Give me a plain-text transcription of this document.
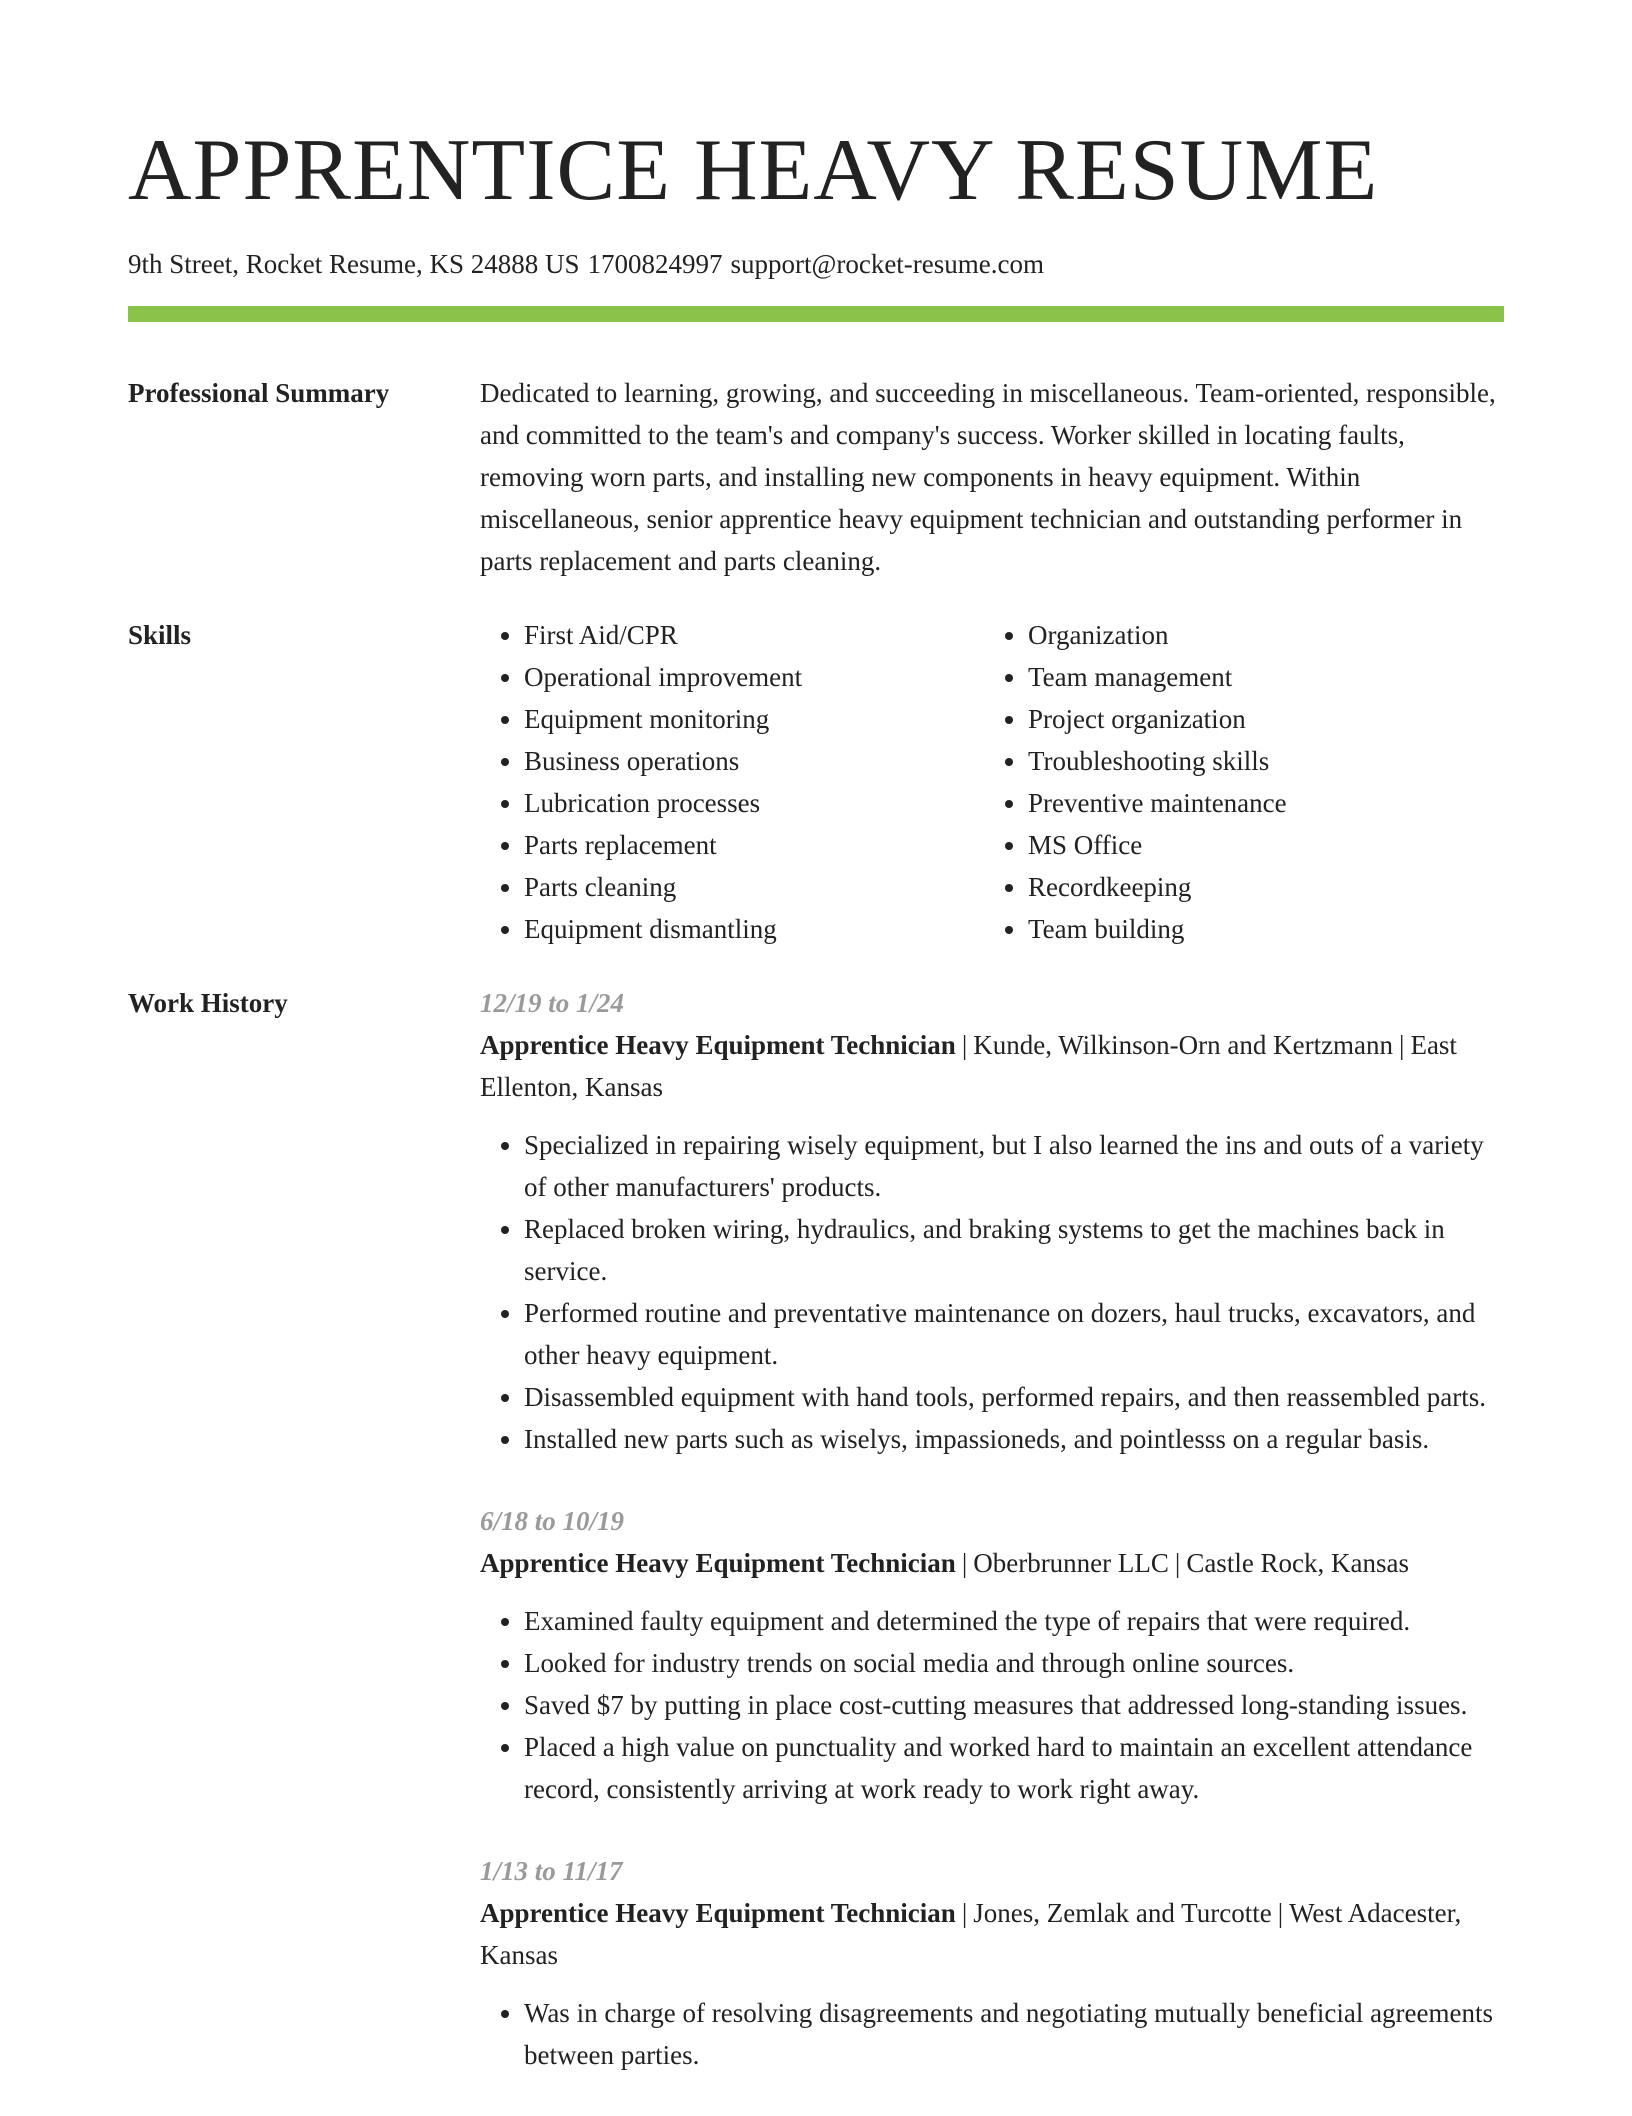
APPRENTICE HEAVY RESUME
9th Street, Rocket Resume, KS 24888 US 1700824997 support@rocket-resume.com
Professional Summary	Dedicated to learning, growing, and succeeding in miscellaneous. Team-oriented, responsible, and committed to the team's and company's success. Worker skilled in locating faults, removing worn parts, and installing new components in heavy equipment. Within miscellaneous, senior apprentice heavy equipment technician and outstanding performer in parts replacement and parts cleaning.

Skills
•	First Aid/CPR
• Operational improvement
• Equipment monitoring
• Business operations
• Lubrication processes
• Parts replacement
• Parts cleaning
• Equipment dismantling
• Organization
• Team management
• Project organization
• Troubleshooting skills
• Preventive maintenance
• MS Office
• Recordkeeping
• Team building
Work History	12/19 to 1/24
Apprentice Heavy Equipment Technician | Kunde, Wilkinson-Orn and Kertzmann | East Ellenton, Kansas
• Specialized in repairing wisely equipment, but I also learned the ins and outs of a variety of other manufacturers' products.
• Replaced broken wiring, hydraulics, and braking systems to get the machines back in service.
• Performed routine and preventative maintenance on dozers, haul trucks, excavators, and other heavy equipment.
• Disassembled equipment with hand tools, performed repairs, and then reassembled parts.
• Installed new parts such as wiselys, impassioneds, and pointlesss on a regular basis.
6/18 to 10/19
Apprentice Heavy Equipment Technician | Oberbrunner LLC | Castle Rock, Kansas
• Examined faulty equipment and determined the type of repairs that were required.
• Looked for industry trends on social media and through online sources.
• Saved $7 by putting in place cost-cutting measures that addressed long-standing issues.
• Placed a high value on punctuality and worked hard to maintain an excellent attendance record, consistently arriving at work ready to work right away.
1/13 to 11/17
Apprentice Heavy Equipment Technician | Jones, Zemlak and Turcotte | West Adacester, Kansas
• Was in charge of resolving disagreements and negotiating mutually beneficial agreements between parties.
